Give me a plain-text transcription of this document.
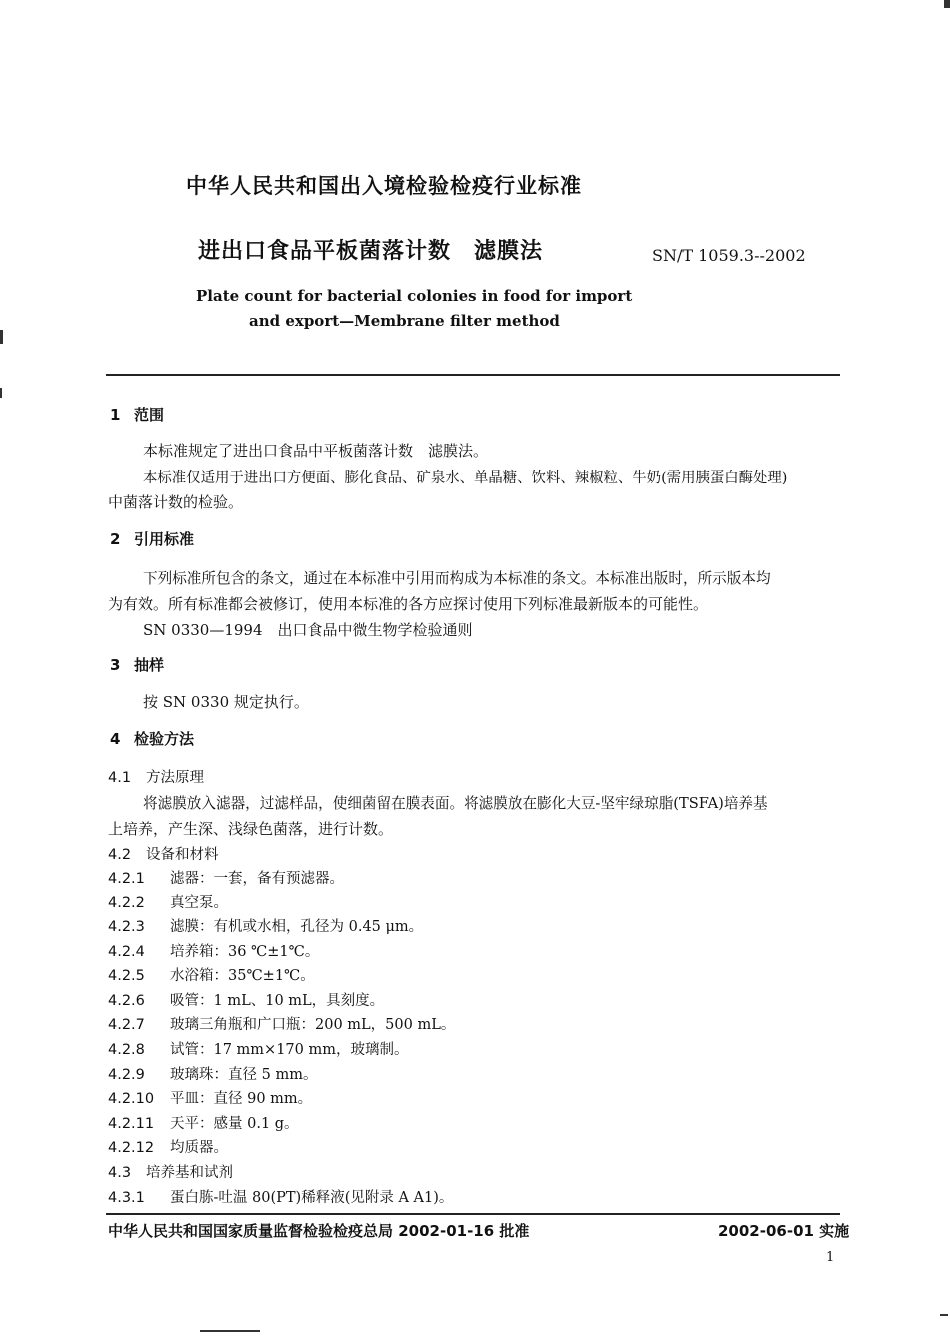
中华人民共和国出入境检验检疫行业标准
进出口食品平板菌落计数　滤膜法	SN/T 1059.3--2002
Plate count for bacterial colonies in food for import
and export—Membrane filter method
1 范围
本标准规定了进出口食品中平板菌落计数　滤膜法。
本标准仅适用于进出口方便面、膨化食品、矿泉水、单晶糖、饮料、辣椒粒、牛奶(需用胰蛋白酶处理)
中菌落计数的检验。
2 引用标准
下列标准所包含的条文，通过在本标准中引用而构成为本标准的条文。本标准出版时，所示版本均
为有效。所有标准都会被修订，使用本标准的各方应探讨使用下列标准最新版本的可能性。
SN 0330—1994　出口食品中微生物学检验通则
3 抽样
按 SN 0330 规定执行。
4 检验方法
4.1 方法原理
将滤膜放入滤器，过滤样品，使细菌留在膜表面。将滤膜放在膨化大豆-坚牢绿琼脂(TSFA)培养基
上培养，产生深、浅绿色菌落，进行计数。
4.2 设备和材料
4.2.1 滤器：一套，备有预滤器。
4.2.2 真空泵。
4.2.3 滤膜：有机或水相，孔径为 0.45 μm。
4.2.4 培养箱：36 ℃±1℃。
4.2.5 水浴箱：35℃±1℃。
4.2.6 吸管：1 mL、10 mL，具刻度。
4.2.7 玻璃三角瓶和广口瓶：200 mL，500 mL。
4.2.8 试管：17 mm×170 mm，玻璃制。
4.2.9 玻璃珠：直径 5 mm。
4.2.10 平皿：直径 90 mm。
4.2.11 天平：感量 0.1 g。
4.2.12 均质器。
4.3 培养基和试剂
4.3.1 蛋白胨-吐温 80(PT)稀释液(见附录 A A1)。
中华人民共和国国家质量监督检验检疫总局 2002-01-16 批准	2002-06-01 实施
1
